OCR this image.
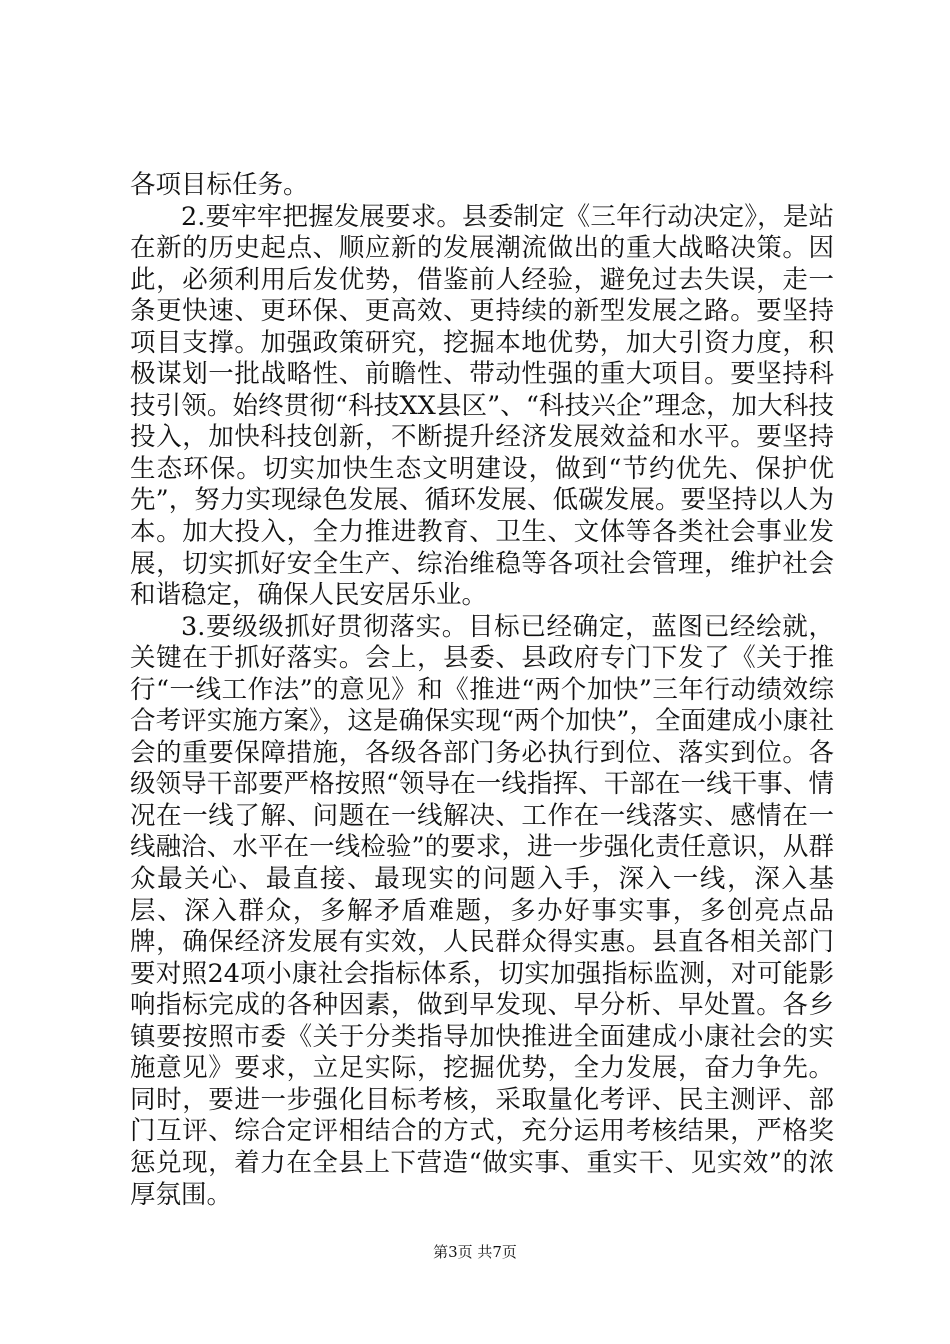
各项目标任务。

2.要牢牢把握发展要求。县委制定《三年行动决定》，是站在新的历史起点、顺应新的发展潮流做出的重大战略决策。因此，必须利用后发优势，借鉴前人经验，避免过去失误，走一条更快速、更环保、更高效、更持续的新型发展之路。要坚持项目支撑。加强政策研究，挖掘本地优势，加大引资力度，积极谋划一批战略性、前瞻性、带动性强的重大项目。要坚持科技引领。始终贯彻“科技XX县区”、“科技兴企”理念，加大科技投入，加快科技创新，不断提升经济发展效益和水平。要坚持生态环保。切实加快生态文明建设，做到“节约优先、保护优先”，努力实现绿色发展、循环发展、低碳发展。要坚持以人为本。加大投入，全力推进教育、卫生、文体等各类社会事业发展，切实抓好安全生产、综治维稳等各项社会管理，维护社会和谐稳定，确保人民安居乐业。

3.要级级抓好贯彻落实。目标已经确定，蓝图已经绘就，关键在于抓好落实。会上，县委、县政府专门下发了《关于推行“一线工作法”的意见》和《推进“两个加快”三年行动绩效综合考评实施方案》，这是确保实现“两个加快”，全面建成小康社会的重要保障措施，各级各部门务必执行到位、落实到位。各级领导干部要严格按照“领导在一线指挥、干部在一线干事、情况在一线了解、问题在一线解决、工作在一线落实、感情在一线融洽、水平在一线检验”的要求，进一步强化责任意识，从群众最关心、最直接、最现实的问题入手，深入一线，深入基层、深入群众，多解矛盾难题，多办好事实事，多创亮点品牌，确保经济发展有实效，人民群众得实惠。县直各相关部门要对照24项小康社会指标体系，切实加强指标监测，对可能影响指标完成的各种因素，做到早发现、早分析、早处置。各乡镇要按照市委《关于分类指导加快推进全面建成小康社会的实施意见》要求，立足实际，挖掘优势，全力发展，奋力争先。同时，要进一步强化目标考核，采取量化考评、民主测评、部门互评、综合定评相结合的方式，充分运用考核结果，严格奖惩兑现，着力在全县上下营造“做实事、重实干、见实效”的浓厚氛围。

第3页 共7页
